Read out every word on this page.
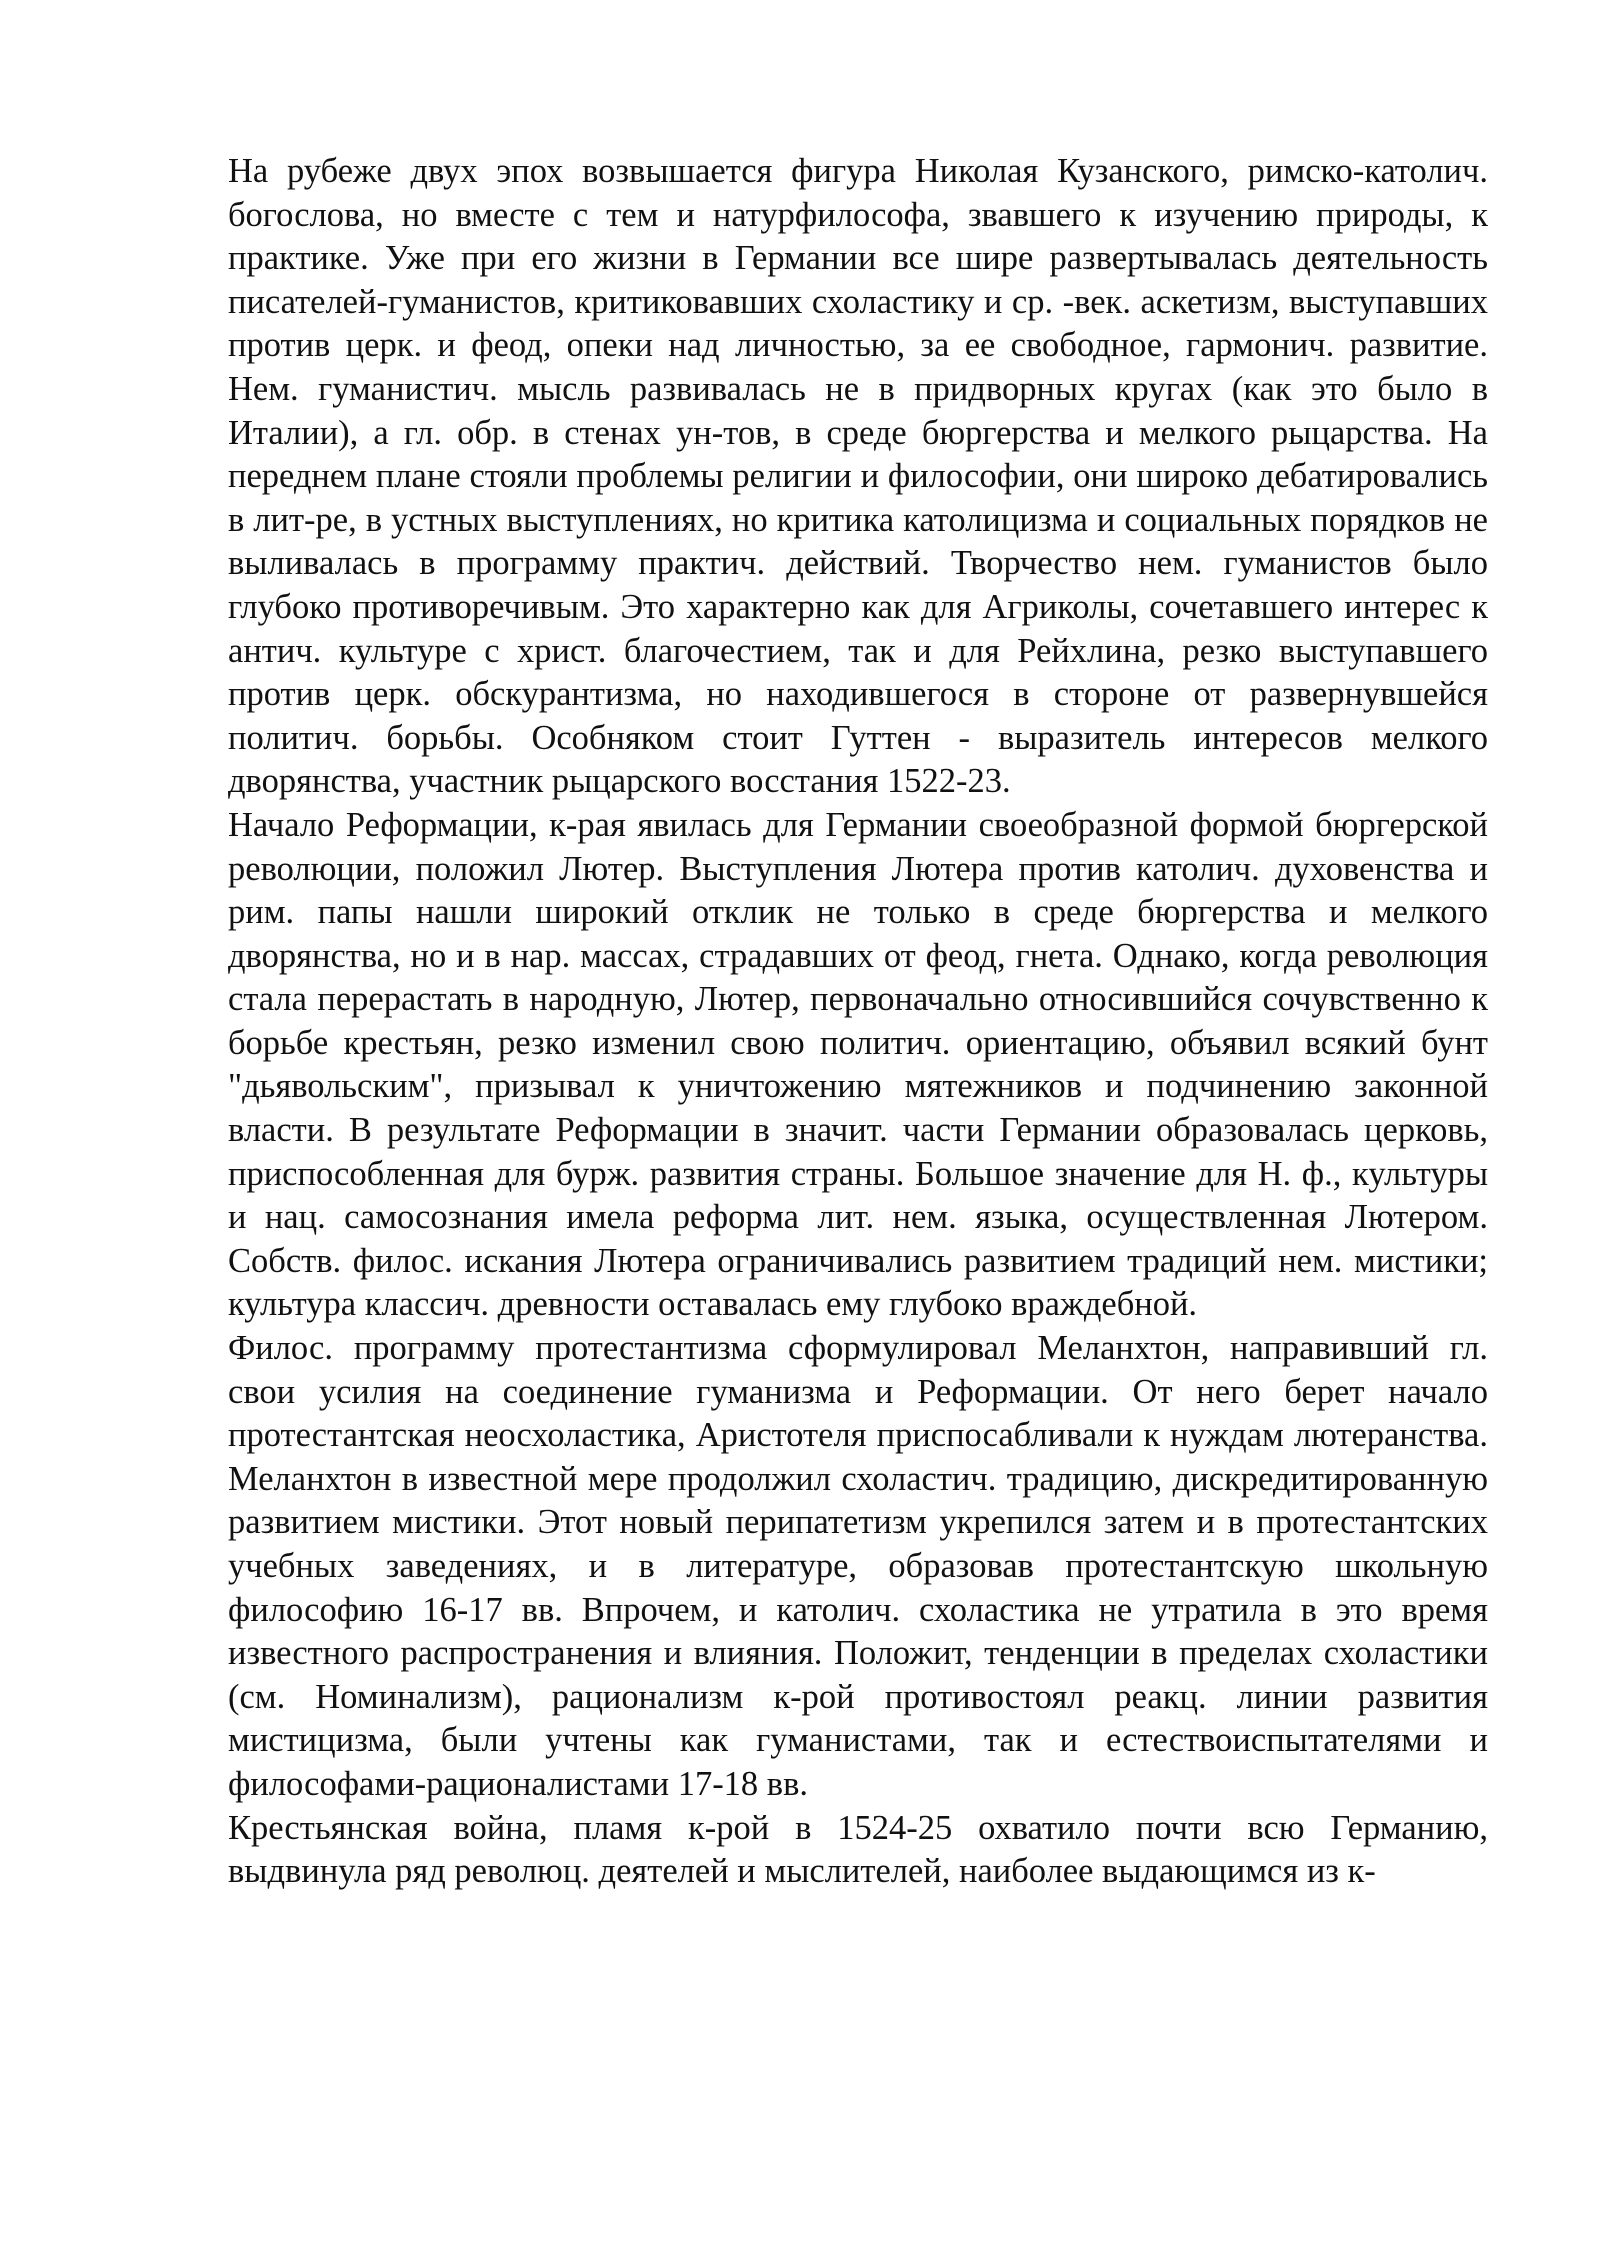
На рубеже двух эпох возвышается фигура Николая Кузанского, римско-католич. богослова, но вместе с тем и натурфилософа, звавшего к изучению природы, к практике. Уже при его жизни в Германии все шире развертывалась деятельность писателей-гуманистов, критиковавших схоластику и ср. -век. аскетизм, выступавших против церк. и феод, опеки над личностью, за ее свободное, гармонич. развитие. Нем. гуманистич. мысль развивалась не в придворных кругах (как это было в Италии), а гл. обр. в стенах ун-тов, в среде бюргерства и мелкого рыцарства. На переднем плане стояли проблемы религии и философии, они широко дебатировались в лит-ре, в устных выступлениях, но критика католицизма и социальных порядков не выливалась в программу практич. действий. Творчество нем. гуманистов было глубоко противоречивым. Это характерно как для Агриколы, сочетавшего интерес к антич. культуре с христ. благочестием, так и для Рейхлина, резко выступавшего против церк. обскурантизма, но находившегося в стороне от развернувшейся политич. борьбы. Особняком стоит Гуттен - выразитель интересов мелкого дворянства, участник рыцарского восстания 1522-23.

Начало Реформации, к-рая явилась для Германии своеобразной формой бюргерской революции, положил Лютер. Выступления Лютера против католич. духовенства и рим. папы нашли широкий отклик не только в среде бюргерства и мелкого дворянства, но и в нар. массах, страдавших от феод, гнета. Однако, когда революция стала перерастать в народную, Лютер, первоначально относившийся сочувственно к борьбе крестьян, резко изменил свою политич. ориентацию, объявил всякий бунт "дьявольским", призывал к уничтожению мятежников и подчинению законной власти. В результате Реформации в значит. части Германии образовалась церковь, приспособленная для бурж. развития страны. Большое значение для Н. ф., культуры и нац. самосознания имела реформа лит. нем. языка, осуществленная Лютером. Собств. филос. искания Лютера ограничивались развитием традиций нем. мистики; культура классич. древности оставалась ему глубоко враждебной.

Филос. программу протестантизма сформулировал Меланхтон, направивший гл. свои усилия на соединение гуманизма и Реформации. От него берет начало протестантская неосхоластика, Аристотеля приспосабливали к нуждам лютеранства. Меланхтон в известной мере продолжил схоластич. традицию, дискредитированную развитием мистики. Этот новый перипатетизм укрепился затем и в протестантских учебных заведениях, и в литературе, образовав протестантскую школьную философию 16-17 вв. Впрочем, и католич. схоластика не утратила в это время известного распространения и влияния. Положит, тенденции в пределах схоластики (см. Номинализм), рационализм к-рой противостоял реакц. линии развития мистицизма, были учтены как гуманистами, так и естествоиспытателями и философами-рационалистами 17-18 вв.

Крестьянская война, пламя к-рой в 1524-25 охватило почти всю Германию, выдвинула ряд революц. деятелей и мыслителей, наиболее выдающимся из к-
